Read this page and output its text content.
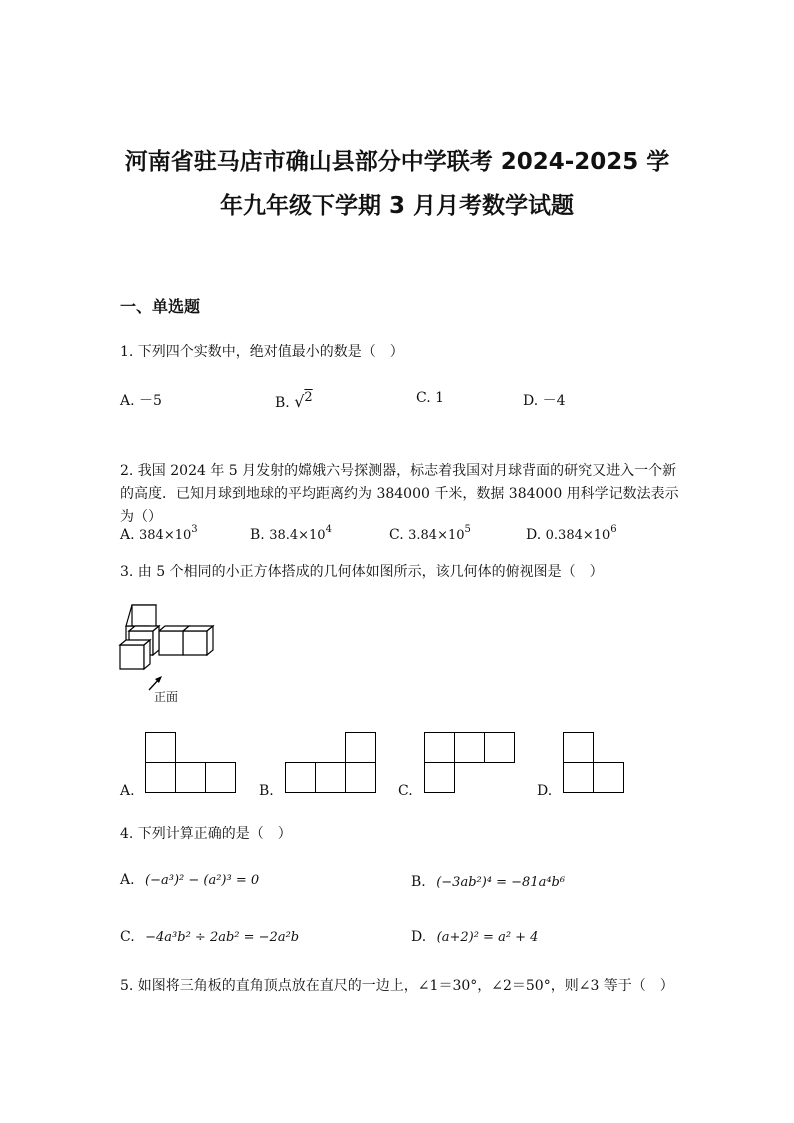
河南省驻马店市确山县部分中学联考 2024-2025 学
年九年级下学期 3 月月考数学试题
一、单选题
1. 下列四个实数中，绝对值最小的数是（　）
A. －5	B. √2	C. 1	D. －4
2. 我国 2024 年 5 月发射的嫦娥六号探测器，标志着我国对月球背面的研究又进入一个新的高度．已知月球到地球的平均距离约为 384000 千米，数据 384000 用科学记数法表示为（）
A. $384\times 10^3$	B. $38.4\times 10^4$	C. $3.84\times 10^5$	D. $0.384\times 10^6$
3. 由 5 个相同的小正方体搭成的几何体如图所示，该几何体的俯视图是（　）
正面
A.	B.	C.	D.
4. 下列计算正确的是（　）
A. (−a³)² − (a²)³ = 0	B. (−3ab²)⁴ = −81a⁴b⁶
C. −4a³b² ÷ 2ab² = −2a²b	D. (a+2)² = a² + 4
5. 如图将三角板的直角顶点放在直尺的一边上，∠1＝30°，∠2＝50°，则∠3 等于（　）
